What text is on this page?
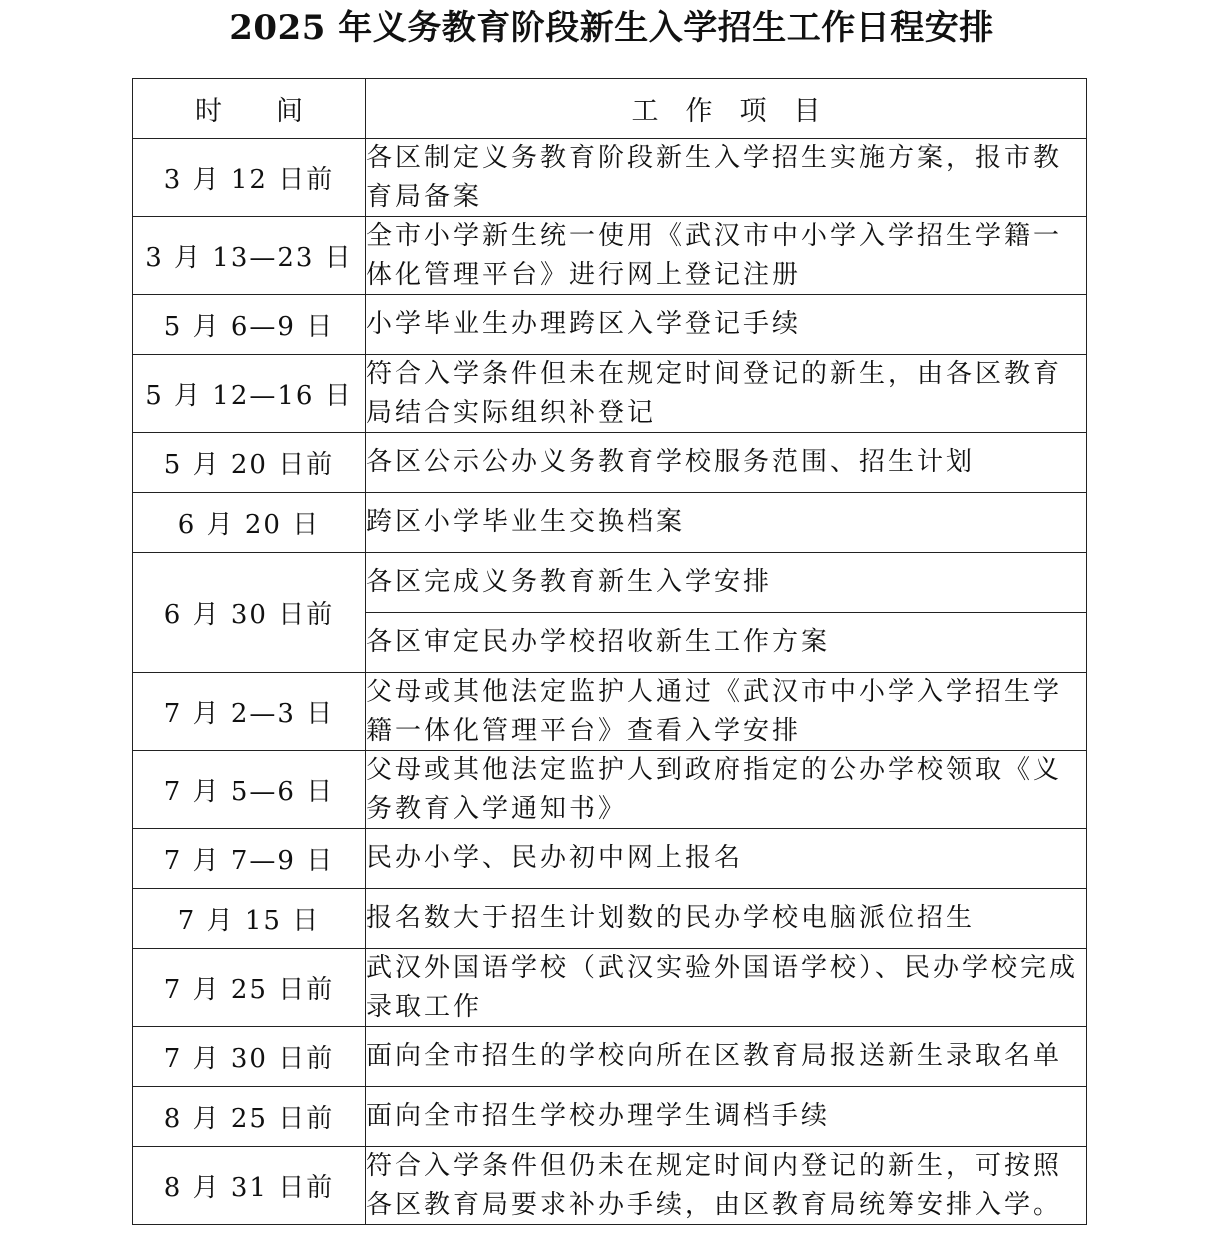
2025 年义务教育阶段新生入学招生工作日程安排
时　　间	工　作　项　目
3 月 12 日前	各区制定义务教育阶段新生入学招生实施方案，报市教育局备案
3 月 13—23 日	全市小学新生统一使用《武汉市中小学入学招生学籍一体化管理平台》进行网上登记注册
5 月 6—9 日	小学毕业生办理跨区入学登记手续
5 月 12—16 日	符合入学条件但未在规定时间登记的新生，由各区教育局结合实际组织补登记
5 月 20 日前	各区公示公办义务教育学校服务范围、招生计划
6 月 20 日	跨区小学毕业生交换档案
6 月 30 日前	各区完成义务教育新生入学安排
	各区审定民办学校招收新生工作方案
7 月 2—3 日	父母或其他法定监护人通过《武汉市中小学入学招生学籍一体化管理平台》查看入学安排
7 月 5—6 日	父母或其他法定监护人到政府指定的公办学校领取《义务教育入学通知书》
7 月 7—9 日	民办小学、民办初中网上报名
7 月 15 日	报名数大于招生计划数的民办学校电脑派位招生
7 月 25 日前	武汉外国语学校（武汉实验外国语学校）、民办学校完成录取工作
7 月 30 日前	面向全市招生的学校向所在区教育局报送新生录取名单
8 月 25 日前	面向全市招生学校办理学生调档手续
8 月 31 日前	符合入学条件但仍未在规定时间内登记的新生，可按照各区教育局要求补办手续，由区教育局统筹安排入学。
